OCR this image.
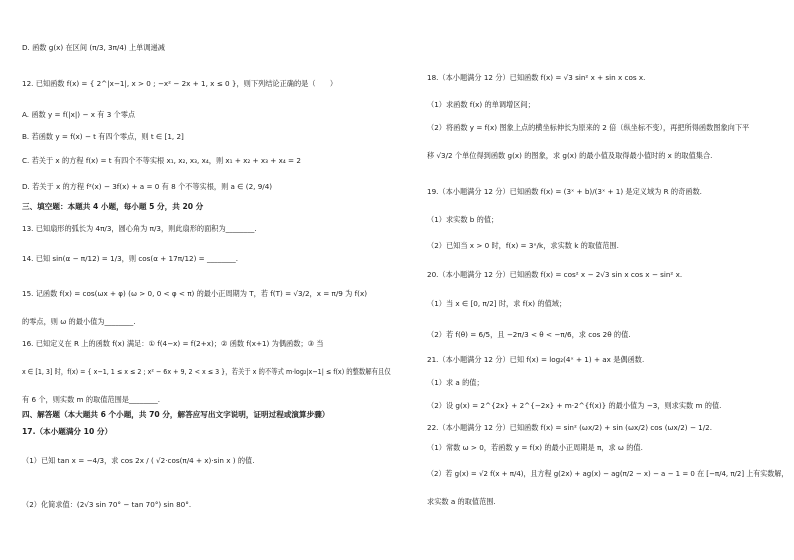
D. 函数 g(x) 在区间 (π/3, 3π/4) 上单调递减
12. 已知函数 f(x) = { 2^|x−1|, x > 0 ; −x² − 2x + 1, x ≤ 0 }，则下列结论正确的是（　　）
A. 函数 y = f(|x|) − x 有 3 个零点
B. 若函数 y = f(x) − t 有四个零点，则 t ∈ [1, 2]
C. 若关于 x 的方程 f(x) = t 有四个不等实根 x₁, x₂, x₃, x₄，则 x₁ + x₂ + x₃ + x₄ = 2
D. 若关于 x 的方程 f²(x) − 3f(x) + a = 0 有 8 个不等实根，则 a ∈ (2, 9/4)
三、填空题：本题共 4 小题，每小题 5 分，共 20 分
13. 已知扇形的弧长为 4π/3，圆心角为 π/3，则此扇形的面积为________.
14. 已知 sin(α − π/12) = 1/3，则 cos(α + 17π/12) = ________.
15. 记函数 f(x) = cos(ωx + φ) (ω > 0, 0 < φ < π) 的最小正周期为 T，若 f(T) = √3/2，x = π/9 为 f(x)
的零点，则 ω 的最小值为________.
16. 已知定义在 R 上的函数 f(x) 满足：① f(4−x) = f(2+x)；② 函数 f(x+1) 为偶函数；③ 当
x ∈ [1, 3] 时，f(x) = { x−1, 1 ≤ x ≤ 2 ; x² − 6x + 9, 2 < x ≤ 3 }，若关于 x 的不等式 m·log₂|x−1| ≤ f(x) 的整数解有且仅
有 6 个，则实数 m 的取值范围是________.
四、解答题（本大题共 6 个小题，共 70 分，解答应写出文字说明，证明过程或演算步骤）
17.（本小题满分 10 分）
（1）已知 tan x = −4/3，求 cos 2x / ( √2·cos(π/4 + x)·sin x ) 的值.
（2）化简求值：(2√3 sin 70° − tan 70°) sin 80°.
18.（本小题满分 12 分）已知函数 f(x) = √3 sin² x + sin x cos x.
（1）求函数 f(x) 的单调增区间；
（2）将函数 y = f(x) 图象上点的横坐标伸长为原来的 2 倍（纵坐标不变），再把所得函数图象向下平
移 √3/2 个单位得到函数 g(x) 的图象，求 g(x) 的最小值及取得最小值时的 x 的取值集合.
19.（本小题满分 12 分）已知函数 f(x) = (3ˣ + b)/(3ˣ + 1) 是定义域为 R 的奇函数.
（1）求实数 b 的值；
（2）已知当 x > 0 时，f(x) = 3ˣ/k，求实数 k 的取值范围.
20.（本小题满分 12 分）已知函数 f(x) = cos² x − 2√3 sin x cos x − sin² x.
（1）当 x ∈ [0, π/2] 时，求 f(x) 的值域；
（2）若 f(θ) = 6/5，且 −2π/3 < θ < −π/6，求 cos 2θ 的值.
21.（本小题满分 12 分）已知 f(x) = log₂(4ˣ + 1) + ax 是偶函数.
（1）求 a 的值；
（2）设 g(x) = 2^{2x} + 2^{−2x} + m·2^{f(x)} 的最小值为 −3，则求实数 m 的值.
22.（本小题满分 12 分）已知函数 f(x) = sin² (ωx/2) + sin (ωx/2) cos (ωx/2) − 1/2.
（1）常数 ω > 0，若函数 y = f(x) 的最小正周期是 π，求 ω 的值.
（2）若 g(x) = √2 f(x + π/4)，且方程 g(2x) + ag(x) − ag(π/2 − x) − a − 1 = 0 在 [−π/4, π/2] 上有实数解，
求实数 a 的取值范围.
